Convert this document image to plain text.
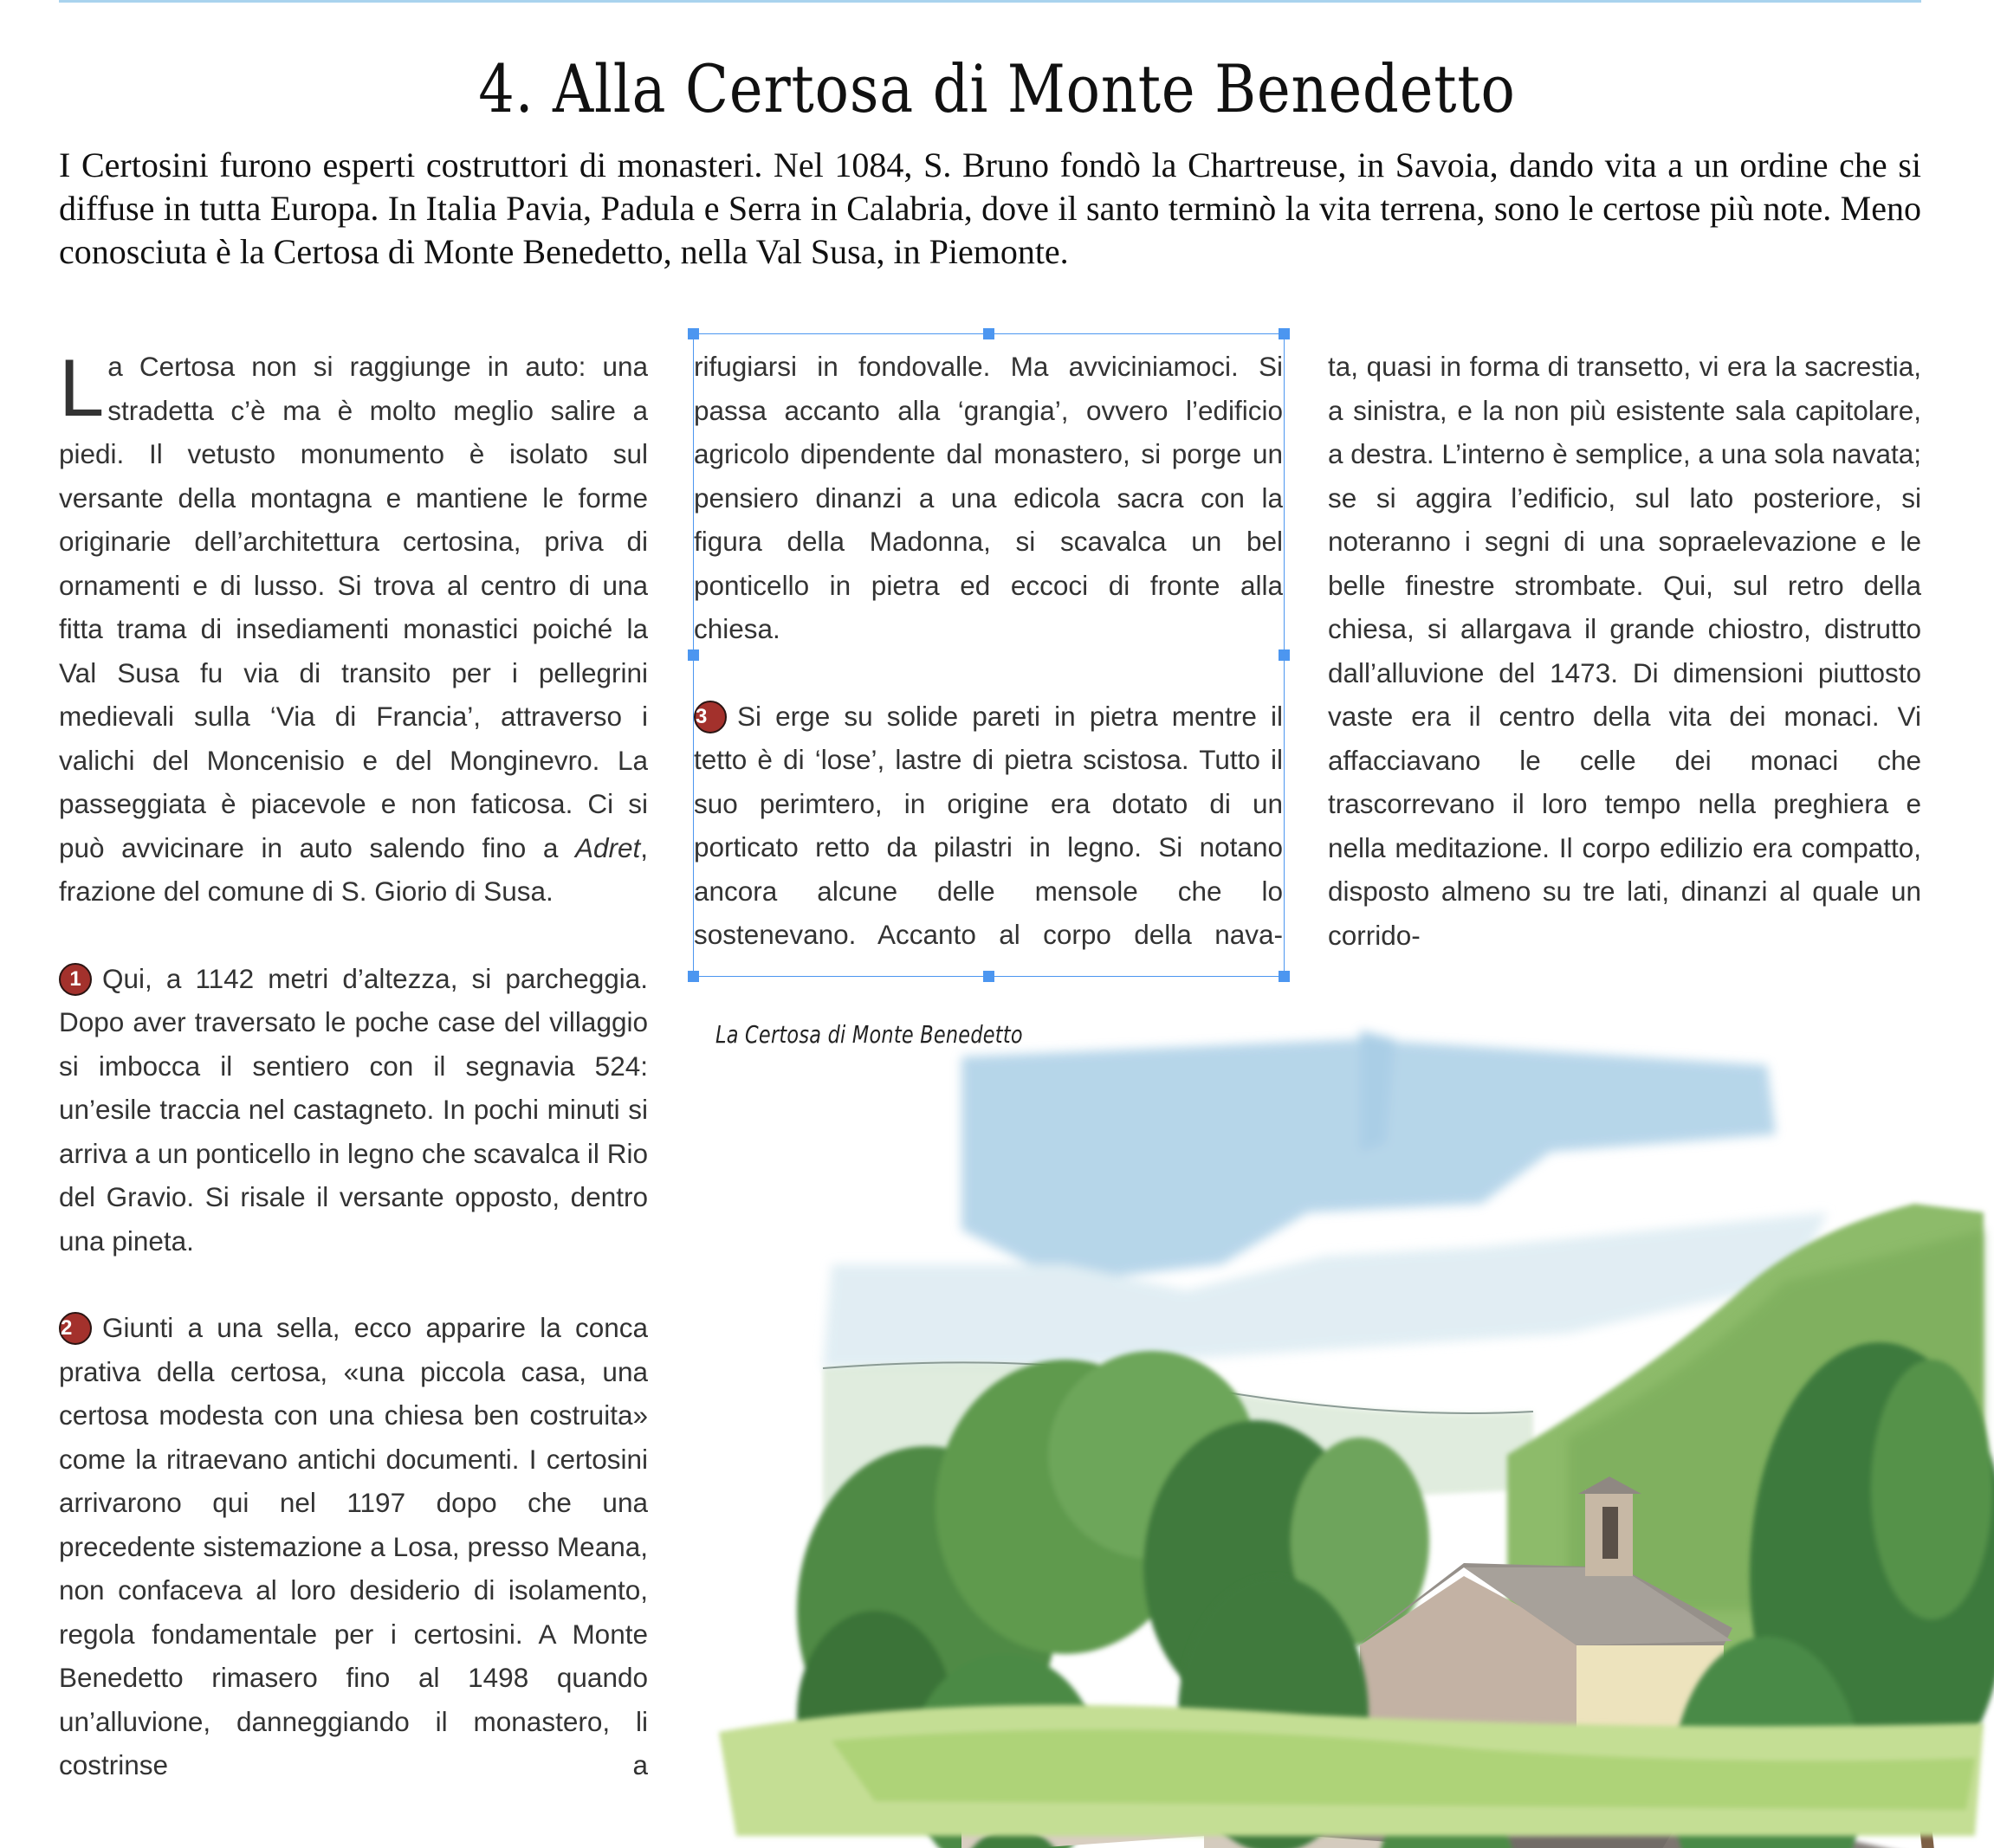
4. Alla Certosa di Monte Benedetto
I Certosini furono esperti costruttori di monasteri. Nel 1084, S. Bruno fondò la Chartreuse, in Savoia, dando vita a un ordine che si diffuse in tutta Europa. In Italia Pavia, Padula e Serra in Calabria, dove il santo terminò la vita terrena, sono le certose più note. Meno conosciuta è la Certosa di Monte Benedetto, nella Val Susa, in Piemonte.

La Certosa non si raggiunge in auto: una stradetta c’è ma è molto meglio salire a piedi. Il vetusto monumento è isolato sul versante della montagna e mantiene le forme originarie dell’architettura certosina, priva di ornamenti e di lusso. Si trova al centro di una fitta trama di insediamenti monastici poiché la Val Susa fu via di transito per i pellegrini medievali sulla ‘Via di Francia’, attraverso i valichi del Moncenisio e del Monginevro. La passeggiata è piacevole e non faticosa. Ci si può avvicinare in auto salendo fino a Adret, frazione del comune di S. Giorio di Susa.

1 Qui, a 1142 metri d’altezza, si parcheggia. Dopo aver traversato le poche case del villaggio si imbocca il sentiero con il segnavia 524: un’esile traccia nel castagneto. In pochi minuti si arriva a un ponticello in legno che scavalca il Rio del Gravio. Si risale il versante opposto, dentro una pineta.

2 Giunti a una sella, ecco apparire la conca prativa della certosa, «una piccola casa, una certosa modesta con una chiesa ben costruita» come la ritraevano antichi documenti. I certosini arrivarono qui nel 1197 dopo che una precedente sistemazione a Losa, presso Meana, non confaceva al loro desiderio di isolamento, regola fondamentale per i certosini. A Monte Benedetto rimasero fino al 1498 quando un’alluvione, danneggiando il monastero, li costrinse a

rifugiarsi in fondovalle. Ma avviciniamoci. Si passa accanto alla ‘grangia’, ovvero l’edificio agricolo dipendente dal monastero, si porge un pensiero dinanzi a una edicola sacra con la figura della Madonna, si scavalca un bel ponticello in pietra ed eccoci di fronte alla chiesa.

3 Si erge su solide pareti in pietra mentre il tetto è di ‘lose’, lastre di pietra scistosa. Tutto il suo perimtero, in origine era dotato di un porticato retto da pilastri in legno. Si notano ancora alcune delle mensole che lo sostenevano. Accanto al corpo della nava-

ta, quasi in forma di transetto, vi era la sacrestia, a sinistra, e la non più esistente sala capitolare, a destra. L’interno è semplice, a una sola navata; se si aggira l’edificio, sul lato posteriore, si noteranno i segni di una sopraelevazione e le belle finestre strombate. Qui, sul retro della chiesa, si allargava il grande chiostro, distrutto dall’alluvione del 1473. Di dimensioni piuttosto vaste era il centro della vita dei monaci. Vi affacciavano le celle dei monaci che trascorrevano il loro tempo nella preghiera e nella meditazione. Il corpo edilizio era compatto, disposto almeno su tre lati, dinanzi al quale un corrido-

La Certosa di Monte Benedetto
